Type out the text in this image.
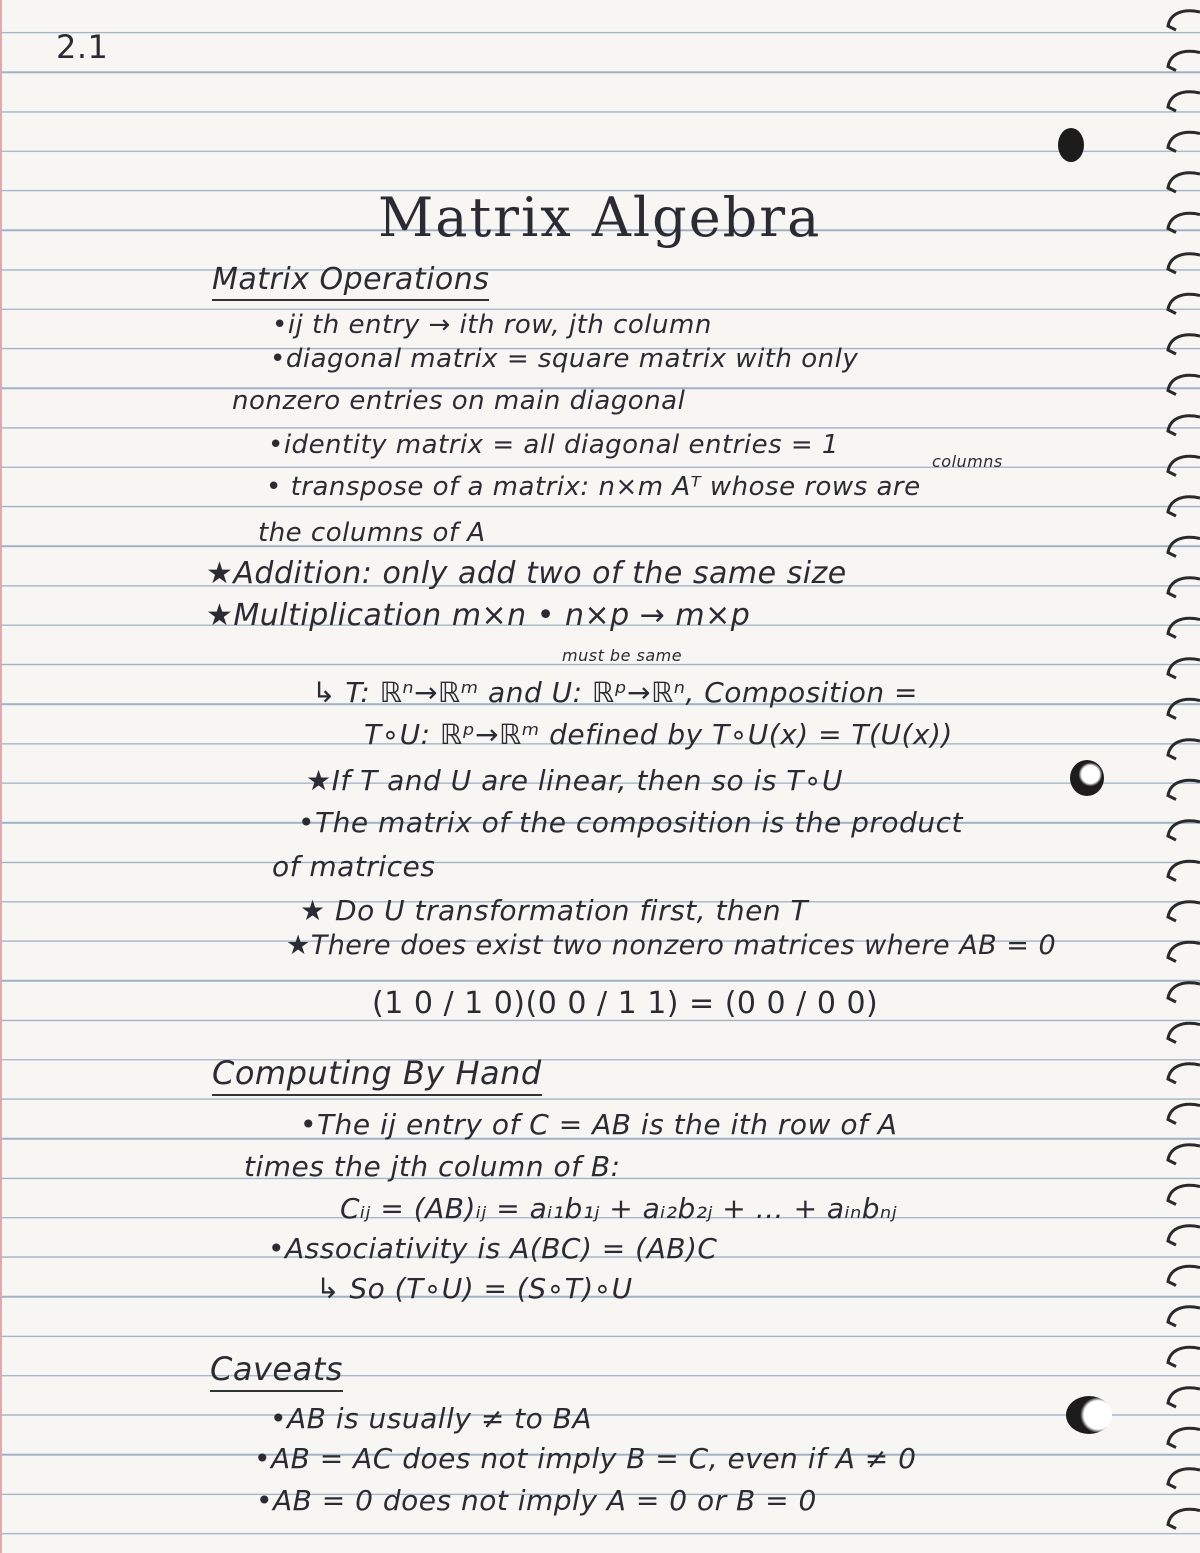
2.1
Matrix Algebra
Matrix Operations
•ij th entry → ith row, jth column
•diagonal matrix = square matrix with only
nonzero entries on main diagonal
•identity matrix = all diagonal entries = 1
columns
• transpose of a matrix: n×m Aᵀ whose rows are
the columns of A
★Addition: only add two of the same size
★Multiplication m×n • n×p → m×p
must be same
↳ T: ℝⁿ→ℝᵐ and U: ℝᵖ→ℝⁿ, Composition =
T∘U: ℝᵖ→ℝᵐ defined by T∘U(x) = T(U(x))
★If T and U are linear, then so is T∘U
•The matrix of the composition is the product
of matrices
★ Do U transformation first, then T
★There does exist two nonzero matrices where AB = 0
(1 0 / 1 0)(0 0 / 1 1) = (0 0 / 0 0)
Computing By Hand
•The ij entry of C = AB is the ith row of A
times the jth column of B:
Cᵢⱼ = (AB)ᵢⱼ = aᵢ₁b₁ⱼ + aᵢ₂b₂ⱼ + … + aᵢₙbₙⱼ
•Associativity is A(BC) = (AB)C
↳ So (T∘U) = (S∘T)∘U
Caveats
•AB is usually ≠ to BA
•AB = AC does not imply B = C, even if A ≠ 0
•AB = 0 does not imply A = 0 or B = 0
